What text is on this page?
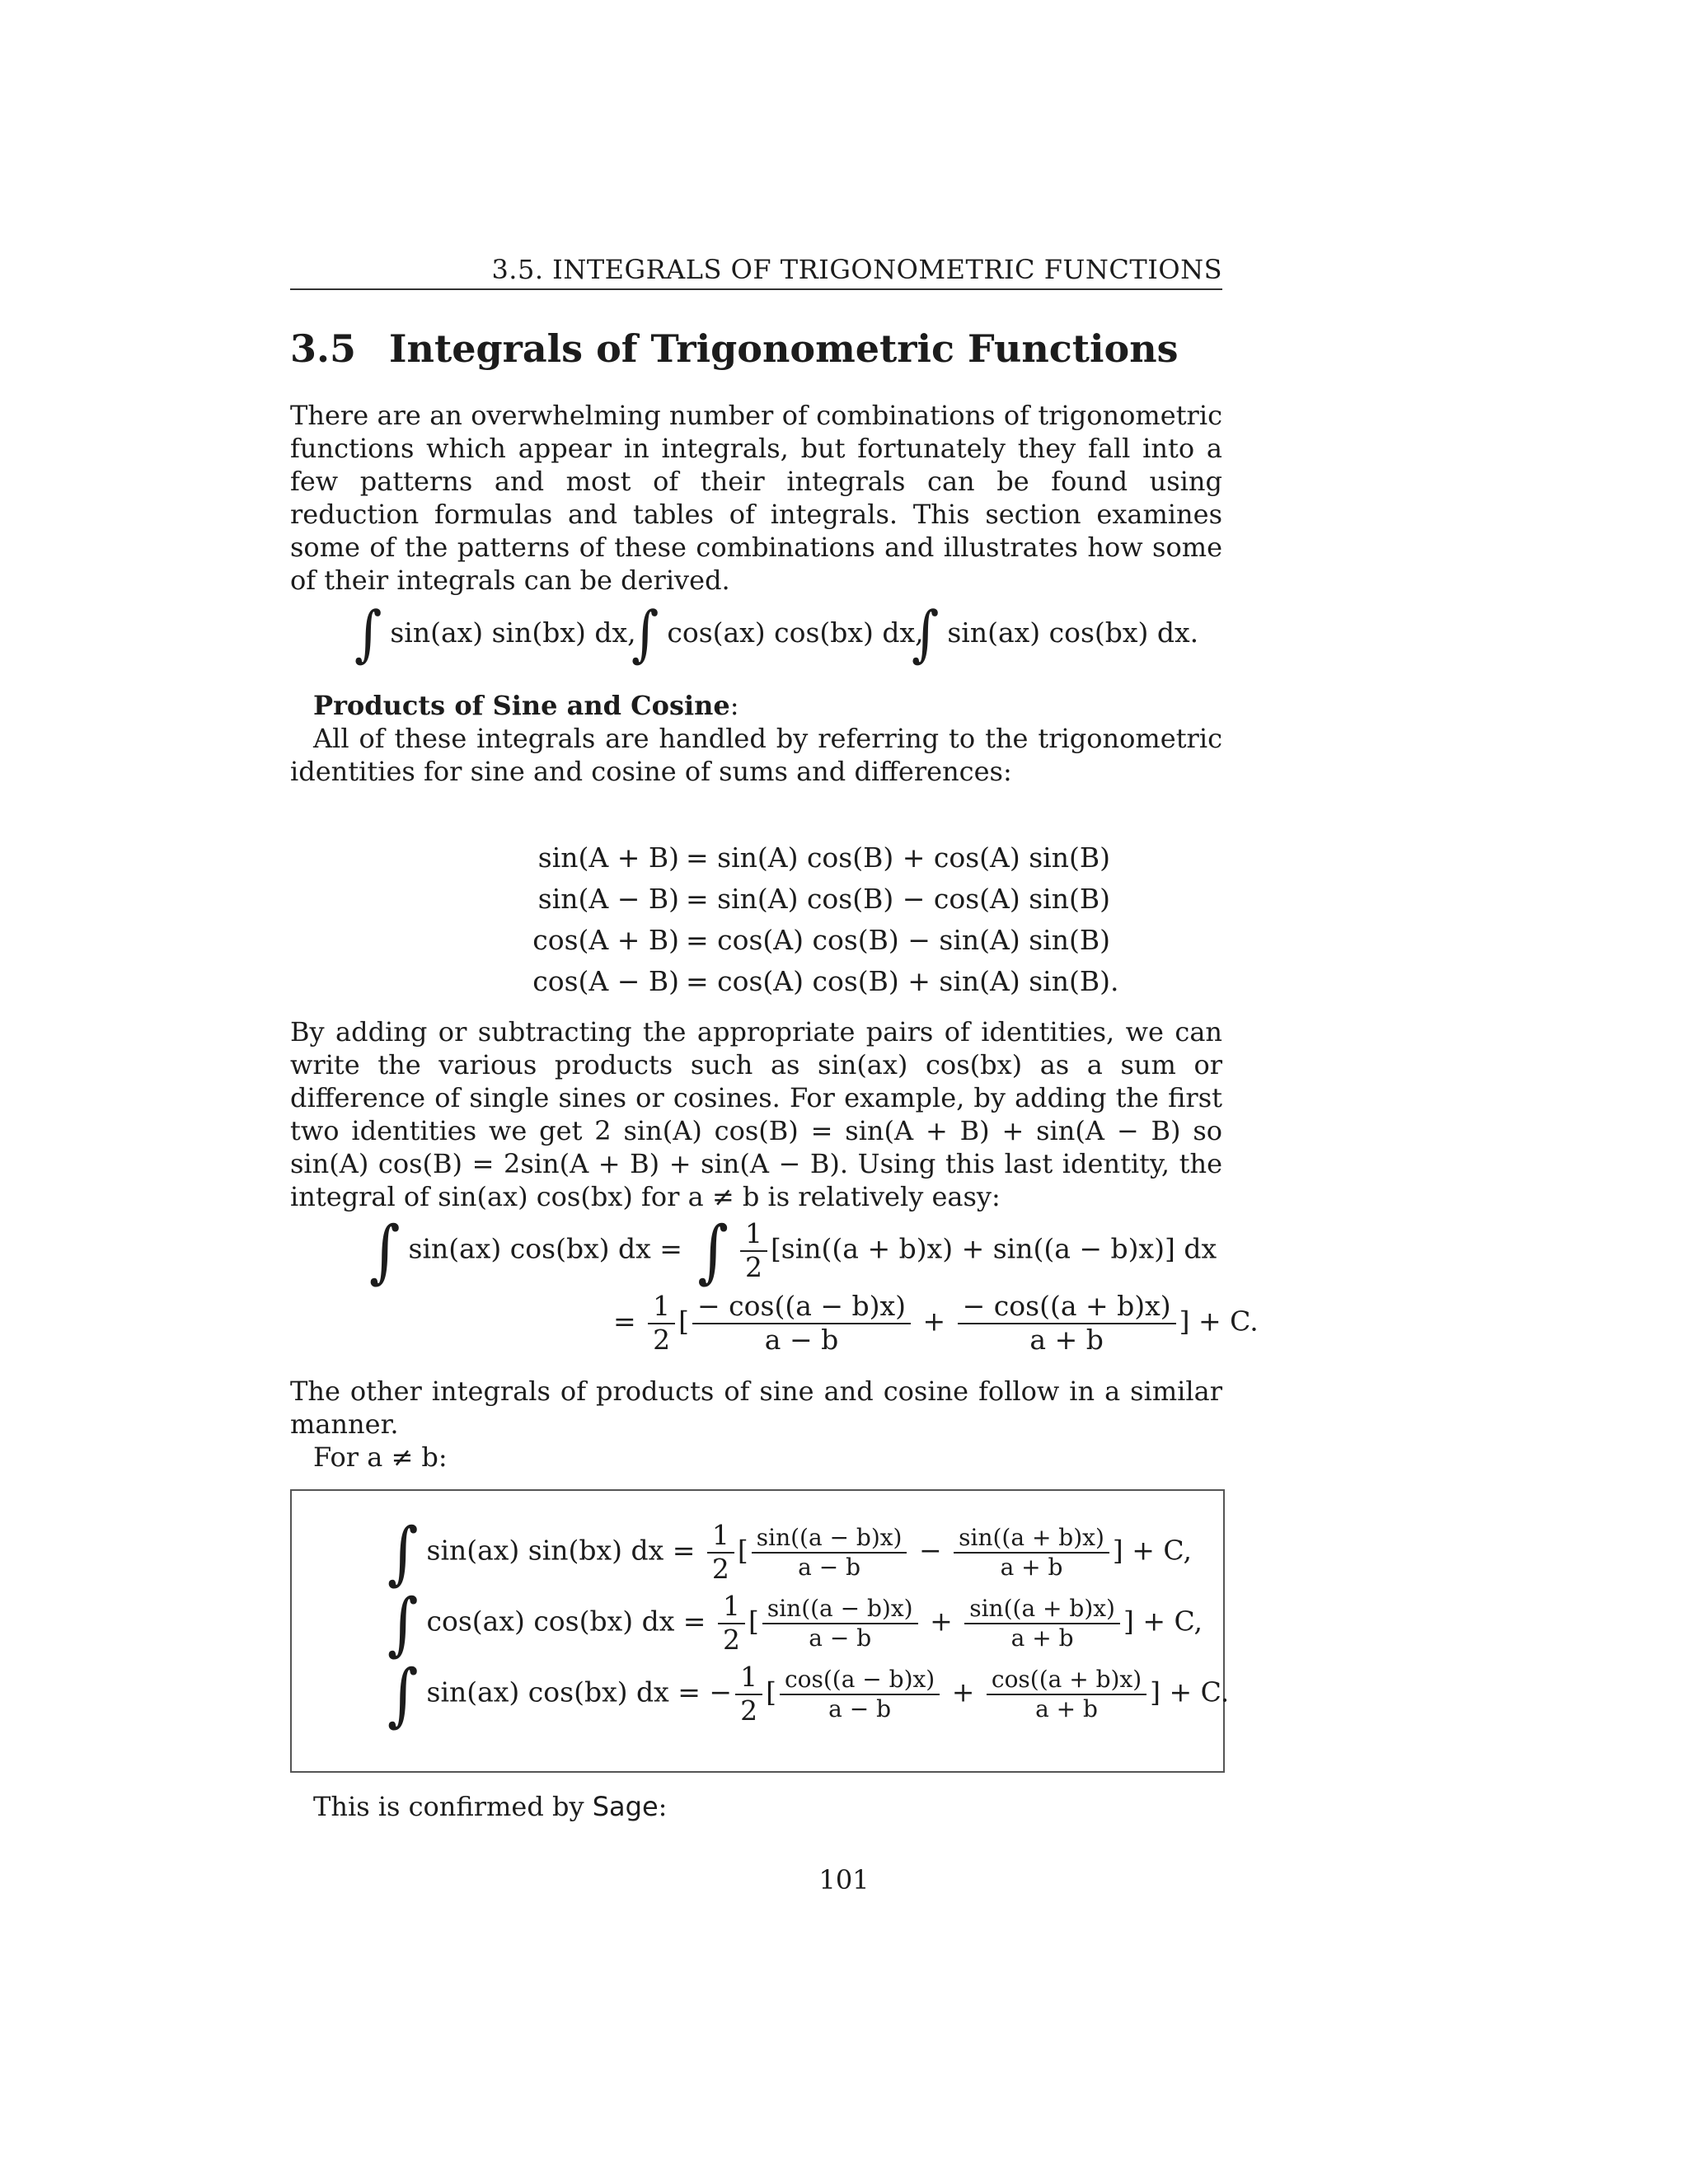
3.5. INTEGRALS OF TRIGONOMETRIC FUNCTIONS
3.5 Integrals of Trigonometric Functions

There are an overwhelming number of combinations of trigonometric functions which appear in integrals, but fortunately they fall into a few patterns and most of their integrals can be found using reduction formulas and tables of integrals. This section examines some of the patterns of these combinations and illustrates how some of their integrals can be derived.

∫ sin(ax) sin(bx) dx,
∫ cos(ax) cos(bx) dx,
∫ sin(ax) cos(bx) dx.

Products of Sine and Cosine:

All of these integrals are handled by referring to the trigonometric identities for sine and cosine of sums and differences:

sin(A + B) = sin(A) cos(B) + cos(A) sin(B)
sin(A − B) = sin(A) cos(B) − cos(A) sin(B)
cos(A + B) = cos(A) cos(B) − sin(A) sin(B)
cos(A − B) = cos(A) cos(B) + sin(A) sin(B).

By adding or subtracting the appropriate pairs of identities, we can write the various products such as sin(ax) cos(bx) as a sum or difference of single sines or cosines. For example, by adding the first two identities we get 2 sin(A) cos(B) = sin(A + B) + sin(A − B) so sin(A) cos(B) = 2sin(A + B) + sin(A − B). Using this last identity, the integral of sin(ax) cos(bx) for a ≠ b is relatively easy:

∫ sin(ax) cos(bx) dx = ∫ $\frac{1}{2} [\sin((a + b)x) + \sin((a - b)x)]$ dx
= $\frac{1}{2}$ [ $\frac{- \cos((a - b)x)}{a - b} + \frac{- \cos((a + b)x)}{a + b}$ ] + C.

The other integrals of products of sine and cosine follow in a similar manner.

For a ≠ b:

∫ sin(ax) sin(bx) dx = $\frac{1}{2}$ [ $\frac{\sin((a - b)x)}{a - b} - \frac{\sin((a + b)x)}{a + b}$ ] + C,
∫ cos(ax) cos(bx) dx = $\frac{1}{2}$ [ $\frac{\sin((a - b)x)}{a - b} + \frac{\sin((a + b)x)}{a + b}$ ] + C,
∫ sin(ax) cos(bx) dx = − $\frac{1}{2}$ [ $\frac{\cos((a - b)x)}{a - b} + \frac{\cos((a + b)x)}{a + b}$ ] + C.
This is confirmed by Sage:
101
